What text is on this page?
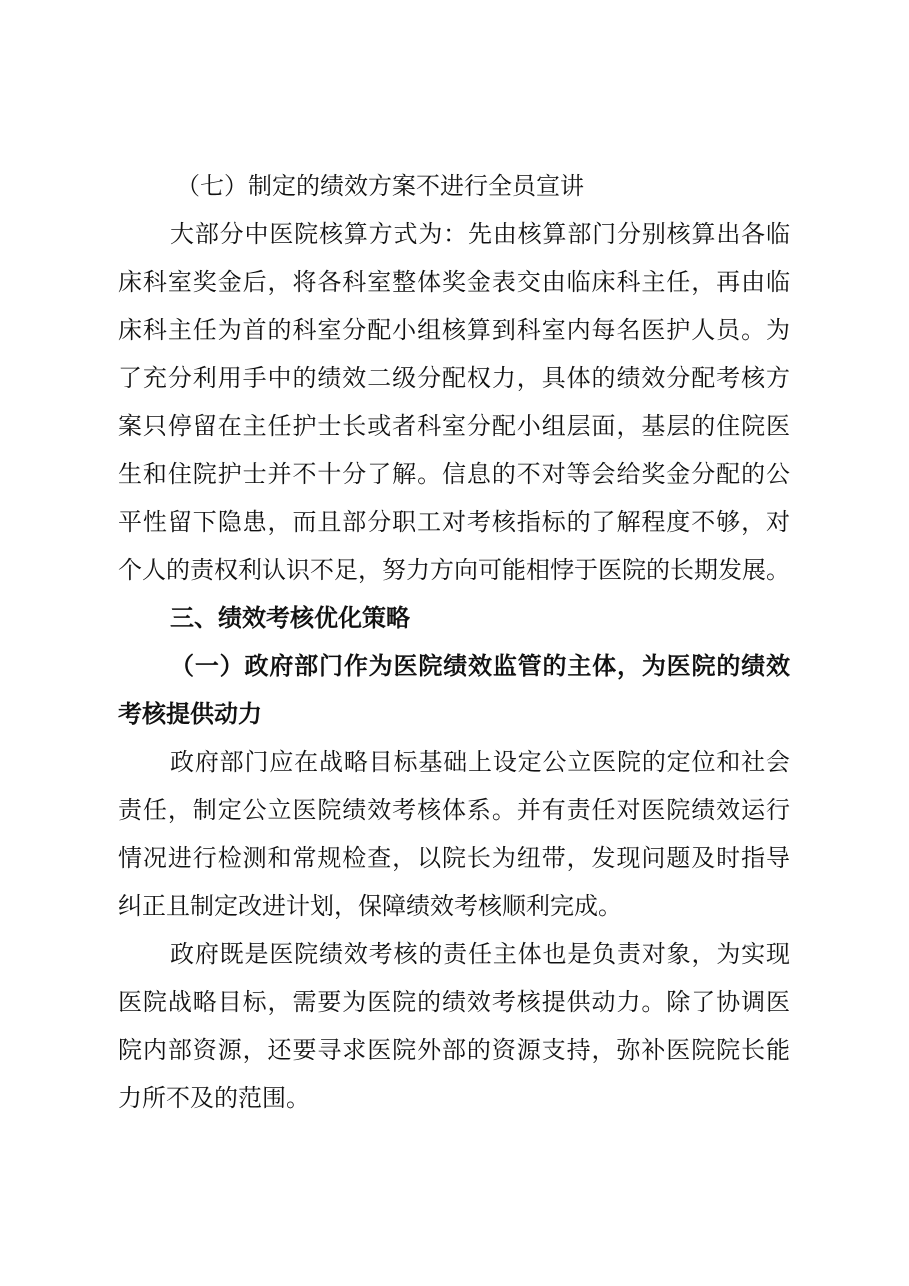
（七）制定的绩效方案不进行全员宣讲
大部分中医院核算方式为：先由核算部门分别核算出各临
床科室奖金后，将各科室整体奖金表交由临床科主任，再由临
床科主任为首的科室分配小组核算到科室内每名医护人员。为
了充分利用手中的绩效二级分配权力，具体的绩效分配考核方
案只停留在主任护士长或者科室分配小组层面，基层的住院医
生和住院护士并不十分了解。信息的不对等会给奖金分配的公
平性留下隐患，而且部分职工对考核指标的了解程度不够，对
个人的责权利认识不足，努力方向可能相悖于医院的长期发展。
三、绩效考核优化策略
（一）政府部门作为医院绩效监管的主体，为医院的绩效
考核提供动力
政府部门应在战略目标基础上设定公立医院的定位和社会
责任，制定公立医院绩效考核体系。并有责任对医院绩效运行
情况进行检测和常规检查，以院长为纽带，发现问题及时指导
纠正且制定改进计划，保障绩效考核顺利完成。
政府既是医院绩效考核的责任主体也是负责对象，为实现
医院战略目标，需要为医院的绩效考核提供动力。除了协调医
院内部资源，还要寻求医院外部的资源支持，弥补医院院长能
力所不及的范围。
